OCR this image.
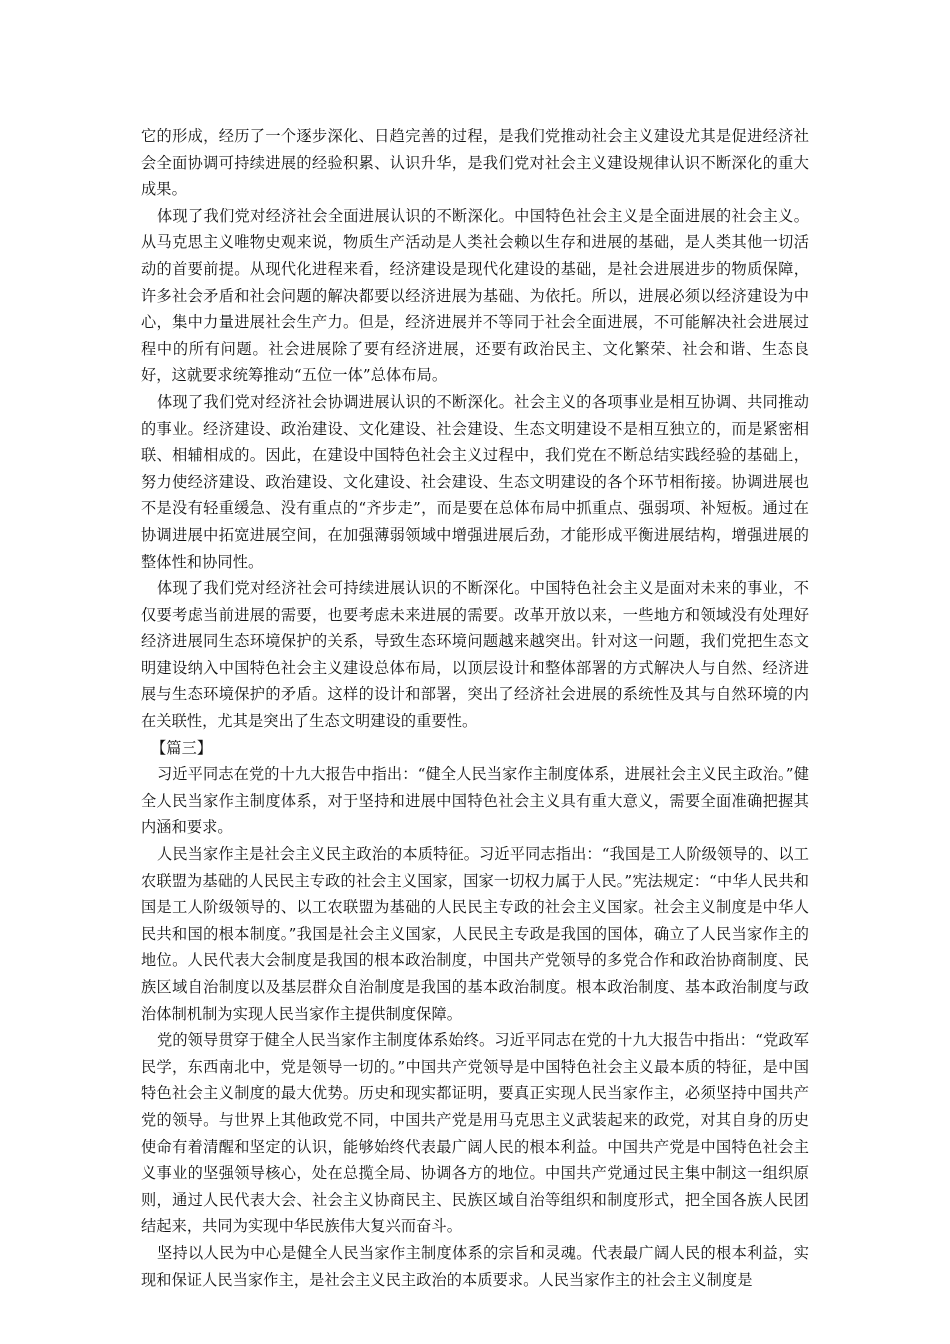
它的形成，经历了一个逐步深化、日趋完善的过程，是我们党推动社会主义建设尤其是促进经济社会全面协调可持续进展的经验积累、认识升华，是我们党对社会主义建设规律认识不断深化的重大成果。

体现了我们党对经济社会全面进展认识的不断深化。中国特色社会主义是全面进展的社会主义。从马克思主义唯物史观来说，物质生产活动是人类社会赖以生存和进展的基础，是人类其他一切活动的首要前提。从现代化进程来看，经济建设是现代化建设的基础，是社会进展进步的物质保障，许多社会矛盾和社会问题的解决都要以经济进展为基础、为依托。所以，进展必须以经济建设为中心，集中力量进展社会生产力。但是，经济进展并不等同于社会全面进展，不可能解决社会进展过程中的所有问题。社会进展除了要有经济进展，还要有政治民主、文化繁荣、社会和谐、生态良好，这就要求统筹推动“五位一体”总体布局。

体现了我们党对经济社会协调进展认识的不断深化。社会主义的各项事业是相互协调、共同推动的事业。经济建设、政治建设、文化建设、社会建设、生态文明建设不是相互独立的，而是紧密相联、相辅相成的。因此，在建设中国特色社会主义过程中，我们党在不断总结实践经验的基础上，努力使经济建设、政治建设、文化建设、社会建设、生态文明建设的各个环节相衔接。协调进展也不是没有轻重缓急、没有重点的“齐步走”，而是要在总体布局中抓重点、强弱项、补短板。通过在协调进展中拓宽进展空间，在加强薄弱领域中增强进展后劲，才能形成平衡进展结构，增强进展的整体性和协同性。

体现了我们党对经济社会可持续进展认识的不断深化。中国特色社会主义是面对未来的事业，不仅要考虑当前进展的需要，也要考虑未来进展的需要。改革开放以来，一些地方和领域没有处理好经济进展同生态环境保护的关系，导致生态环境问题越来越突出。针对这一问题，我们党把生态文明建设纳入中国特色社会主义建设总体布局，以顶层设计和整体部署的方式解决人与自然、经济进展与生态环境保护的矛盾。这样的设计和部署，突出了经济社会进展的系统性及其与自然环境的内在关联性，尤其是突出了生态文明建设的重要性。

【篇三】

习近平同志在党的十九大报告中指出：“健全人民当家作主制度体系，进展社会主义民主政治。”健全人民当家作主制度体系，对于坚持和进展中国特色社会主义具有重大意义，需要全面准确把握其内涵和要求。

人民当家作主是社会主义民主政治的本质特征。习近平同志指出：“我国是工人阶级领导的、以工农联盟为基础的人民民主专政的社会主义国家，国家一切权力属于人民。”宪法规定：“中华人民共和国是工人阶级领导的、以工农联盟为基础的人民民主专政的社会主义国家。社会主义制度是中华人民共和国的根本制度。”我国是社会主义国家，人民民主专政是我国的国体，确立了人民当家作主的地位。人民代表大会制度是我国的根本政治制度，中国共产党领导的多党合作和政治协商制度、民族区域自治制度以及基层群众自治制度是我国的基本政治制度。根本政治制度、基本政治制度与政治体制机制为实现人民当家作主提供制度保障。

党的领导贯穿于健全人民当家作主制度体系始终。习近平同志在党的十九大报告中指出：“党政军民学，东西南北中，党是领导一切的。”中国共产党领导是中国特色社会主义最本质的特征，是中国特色社会主义制度的最大优势。历史和现实都证明，要真正实现人民当家作主，必须坚持中国共产党的领导。与世界上其他政党不同，中国共产党是用马克思主义武装起来的政党，对其自身的历史使命有着清醒和坚定的认识，能够始终代表最广阔人民的根本利益。中国共产党是中国特色社会主义事业的坚强领导核心，处在总揽全局、协调各方的地位。中国共产党通过民主集中制这一组织原则，通过人民代表大会、社会主义协商民主、民族区域自治等组织和制度形式，把全国各族人民团结起来，共同为实现中华民族伟大复兴而奋斗。

坚持以人民为中心是健全人民当家作主制度体系的宗旨和灵魂。代表最广阔人民的根本利益，实现和保证人民当家作主，是社会主义民主政治的本质要求。人民当家作主的社会主义制度是
